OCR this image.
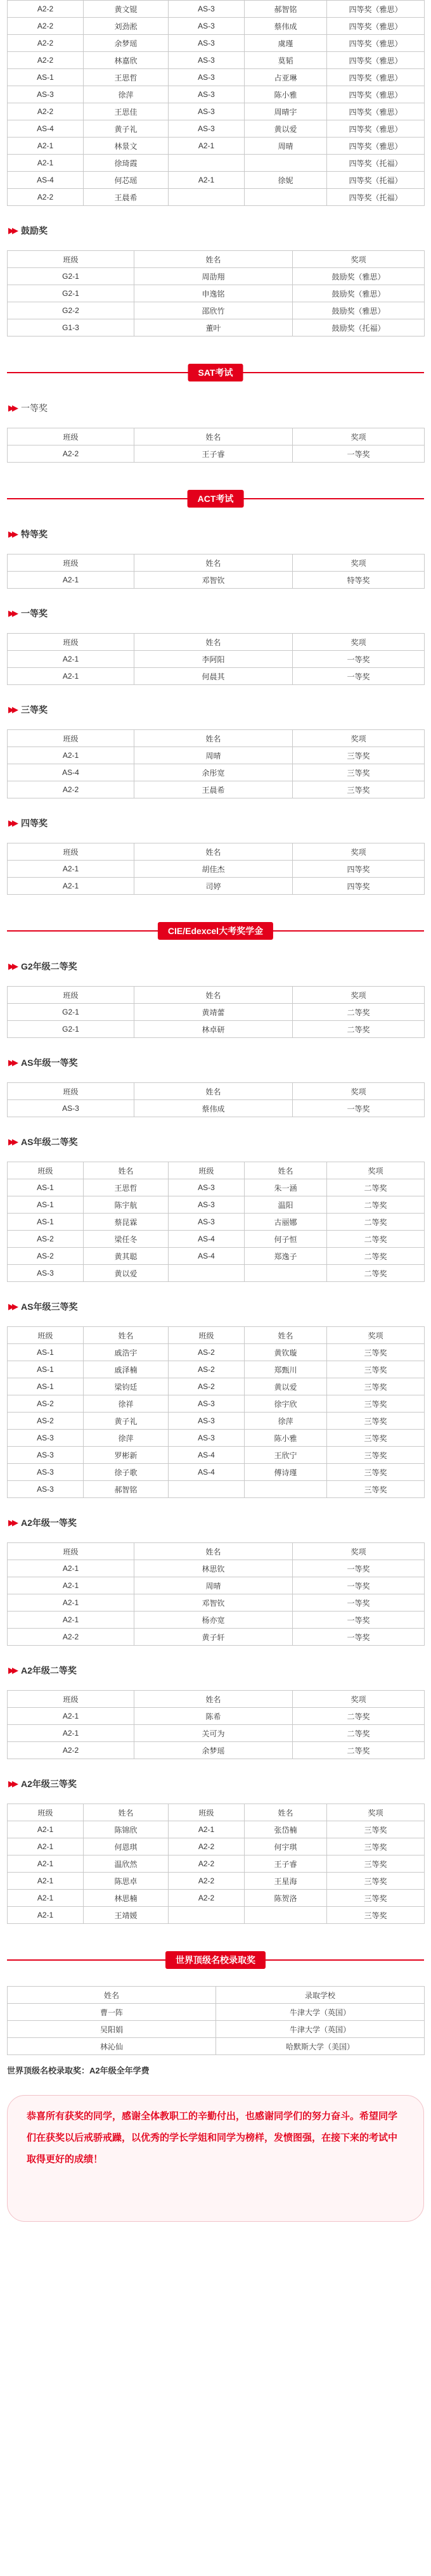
A2-2	黄文锟	AS-3	郝智铭	四等奖（雅思）
A2-2	刘劲淞	AS-3	蔡伟成	四等奖（雅思）
A2-2	余梦瑶	AS-3	虞瑾	四等奖（雅思）
A2-2	林嘉欣	AS-3	莫韬	四等奖（雅思）
AS-1	王思哲	AS-3	占亚琳	四等奖（雅思）
AS-3	徐萍	AS-3	陈小雅	四等奖（雅思）
A2-2	王思佳	AS-3	周晴宇	四等奖（雅思）
AS-4	黄子礼	AS-3	黄以爱	四等奖（雅思）
A2-1	林景文	A2-1	周晴	四等奖（雅思）
A2-1	徐琦霞			四等奖（托福）
AS-4	何芯瑶	A2-1	徐妮	四等奖（托福）
A2-2	王晨希			四等奖（托福）
▶▶ 鼓励奖
班级	姓名	奖项
G2-1	周劭翔	鼓励奖（雅思）
G2-1	申逸铭	鼓励奖（雅思）
G2-2	邵欣竹	鼓励奖（雅思）
G1-3	董叶	鼓励奖（托福）
SAT考试
▶▶ 一等奖
班级	姓名	奖项
A2-2	王子睿	一等奖
ACT考试
▶▶ 特等奖
班级	姓名	奖项
A2-1	邓智钦	特等奖
▶▶ 一等奖
班级	姓名	奖项
A2-1	李阿阳	一等奖
A2-1	何晨其	一等奖
▶▶ 三等奖
班级	姓名	奖项
A2-1	周晴	三等奖
AS-4	余彤宽	三等奖
A2-2	王晨希	三等奖
▶▶ 四等奖
班级	姓名	奖项
A2-1	胡佳杰	四等奖
A2-1	司婷	四等奖
CIE/Edexcel大考奖学金
▶▶ G2年级二等奖
班级	姓名	奖项
G2-1	黄靖蕾	二等奖
G2-1	林卓研	二等奖
▶▶ AS年级一等奖
班级	姓名	奖项
AS-3	蔡伟成	一等奖
▶▶ AS年级二等奖
班级	姓名	班级	姓名	奖项
AS-1	王思哲	AS-3	朱一涵	二等奖
AS-1	陈宇航	AS-3	温阳	二等奖
AS-1	蔡昆霖	AS-3	古丽娜	二等奖
AS-2	梁任冬	AS-4	何子恒	二等奖
AS-2	黄其聪	AS-4	郑逸子	二等奖
AS-3	黄以爱			二等奖
▶▶ AS年级三等奖
班级	姓名	班级	姓名	奖项
AS-1	戚浩宇	AS-2	黄钦璇	三等奖
AS-1	戚泽楠	AS-2	郑甄川	三等奖
AS-1	梁钧廷	AS-2	黄以爱	三等奖
AS-2	徐祥	AS-3	徐宇欣	三等奖
AS-2	黄子礼	AS-3	徐萍	三等奖
AS-3	徐萍	AS-3	陈小雅	三等奖
AS-3	罗彬新	AS-4	王欣宁	三等奖
AS-3	徐子歌	AS-4	傅诗瑾	三等奖
AS-3	郝智铭			三等奖
▶▶ A2年级一等奖
班级	姓名	奖项
A2-1	林思钦	一等奖
A2-1	周晴	一等奖
A2-1	邓智钦	一等奖
A2-1	杨亦宽	一等奖
A2-2	黄子轩	一等奖
▶▶ A2年级二等奖
班级	姓名	奖项
A2-1	陈希	二等奖
A2-1	关可为	二等奖
A2-2	余梦瑶	二等奖
▶▶ A2年级三等奖
班级	姓名	班级	姓名	奖项
A2-1	陈锦欣	A2-1	张岱楠	三等奖
A2-1	何恩琪	A2-2	何宇琪	三等奖
A2-1	温欣然	A2-2	王子睿	三等奖
A2-1	陈思卓	A2-2	王星海	三等奖
A2-1	林思楠	A2-2	陈贺洛	三等奖
A2-1	王靖媛			三等奖
世界顶级名校录取奖
姓名	录取学校
曹一阵	牛津大学（英国）
吴阳娟	牛津大学（英国）
林沁仙	哈默斯大学（美国）
世界顶级名校录取奖：A2年级全年学费
恭喜所有获奖的同学，感谢全体教职工的辛勤付出，也感谢同学们的努力奋斗。希望同学们在获奖以后戒骄戒躁，以优秀的学长学姐和同学为榜样，发愤图强，在接下来的考试中取得更好的成绩！
